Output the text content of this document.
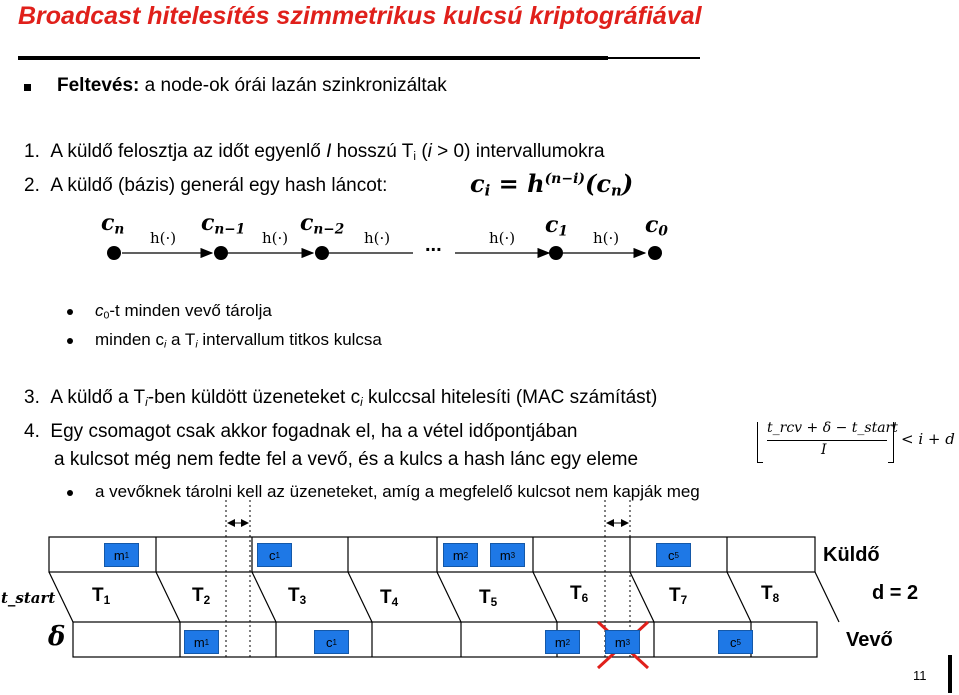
Broadcast hitelesítés szimmetrikus kulcsú kriptográfiával
Feltevés: a node-ok órái lazán szinkronizáltak
1. A küldő felosztja az időt egyenlő I hosszú $T_i$ (i > 0) intervallumokra
2. A küldő (bázis) generál egy hash láncot:	$c_i = h^{(n-i)}(c_n)$
$c_n$	$c_{n-1}$ $c_{n-2}$	$c_1$	$c_0$
h(·)	h(·)	h(·)	h(·)	h(·)
...
$c_0-t$ minden vevő tárolja
minden $c_i$ a $T_i$ intervallum titkos kulcsa
3. A küldő a $T_i$-ben küldött üzeneteket $c_i$ kulccsal hitelesíti (MAC számítást)
4. Egy csomagot csak akkor fogadnak el, ha a vétel időpontjában
a kulcsot még nem fedte fel a vevő, és a kulcs a hash lánc egy eleme
t_rcv + δ − t_start
I
< i + d
a vevőknek tárolni kell az üzeneteket, amíg a megfelelő kulcsot nem kapják meg
m 1	c 1	m 2 m 3	c 5
m 1	c 1	m 2	m 3	c 5
$T_1$	$T_2$	$T_3$	$T_4$	$T_5$	$T_6$	$T_7$	$T_8$
Küldő
d = 2
Vevő
t_start
δ
11
